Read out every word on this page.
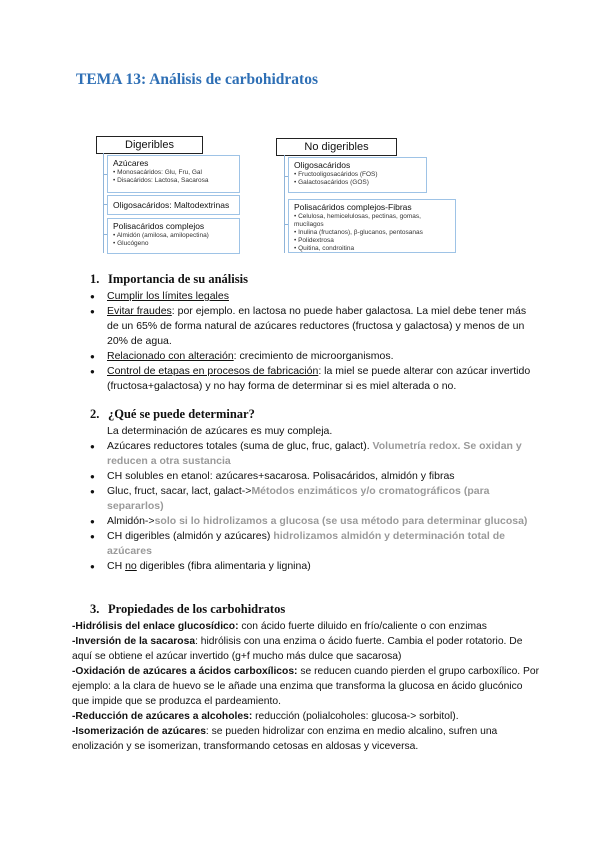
TEMA 13: Análisis de carbohidratos
Digeribles
Azúcares
• Monosacáridos: Glu, Fru, Gal
• Disacáridos: Lactosa, Sacarosa
Oligosacáridos: Maltodextrinas
Polisacáridos complejos
• Almidón (amilosa, amilopectina)
• Glucógeno
No digeribles
Oligosacáridos
• Fructooligosacáridos (FOS)
• Galactosacáridos (GOS)
Polisacáridos complejos-Fibras
• Celulosa, hemicelulosas, pectinas, gomas, mucílagos
• Inulina (fructanos), β-glucanos, pentosanas
• Polidextrosa
• Quitina, condroitina
1. Importancia de su análisis
● Cumplir los límites legales
● Evitar fraudes: por ejemplo. en lactosa no puede haber galactosa. La miel debe tener más de un 65% de forma natural de azúcares reductores (fructosa y galactosa) y menos de un 20% de agua.
● Relacionado con alteración: crecimiento de microorganismos.
● Control de etapas en procesos de fabricación: la miel se puede alterar con azúcar invertido (fructosa+galactosa) y no hay forma de determinar si es miel alterada o no.
2. ¿Qué se puede determinar?
La determinación de azúcares es muy compleja.
● Azúcares reductores totales (suma de gluc, fruc, galact). Volumetría redox. Se oxidan y reducen a otra sustancia
● CH solubles en etanol: azúcares+sacarosa. Polisacáridos, almidón y fibras
● Gluc, fruct, sacar, lact, galact->Métodos enzimáticos y/o cromatográficos (para separarlos)
● Almidón->solo si lo hidrolizamos a glucosa (se usa método para determinar glucosa)
● CH digeribles (almidón y azúcares) hidrolizamos almidón y determinación total de azúcares
● CH no digeribles (fibra alimentaria y lignina)
3. Propiedades de los carbohidratos
-Hidrólisis del enlace glucosídico: con ácido fuerte diluido en frío/caliente o con enzimas
-Inversión de la sacarosa: hidrólisis con una enzima o ácido fuerte. Cambia el poder rotatorio. De aquí se obtiene el azúcar invertido (g+f mucho más dulce que sacarosa)
-Oxidación de azúcares a ácidos carboxílicos: se reducen cuando pierden el grupo carboxílico. Por ejemplo: a la clara de huevo se le añade una enzima que transforma la glucosa en ácido glucónico que impide que se produzca el pardeamiento.
-Reducción de azúcares a alcoholes: reducción (polialcoholes: glucosa-> sorbitol).
-Isomerización de azúcares: se pueden hidrolizar con enzima en medio alcalino, sufren una enolización y se isomerizan, transformando cetosas en aldosas y viceversa.
